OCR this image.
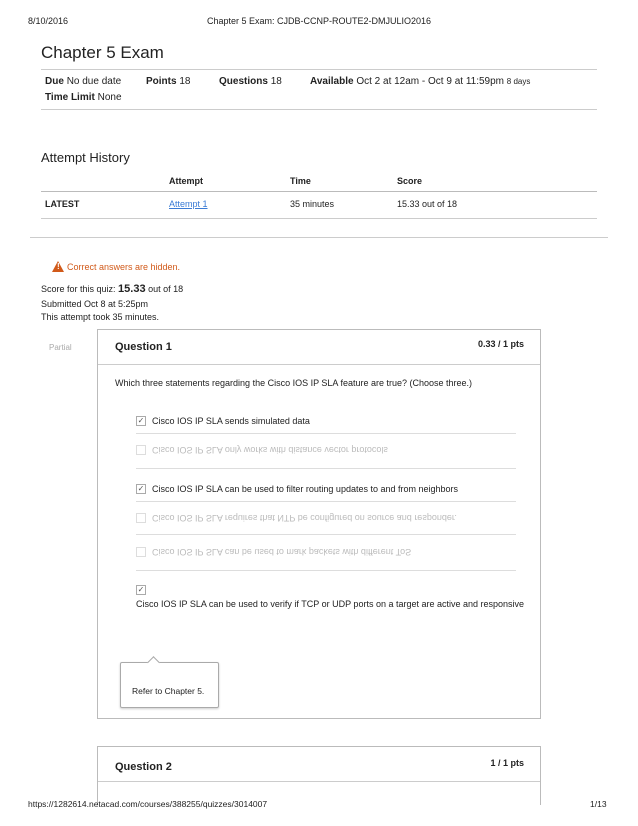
8/10/2016	Chapter 5 Exam: CJDB-CCNP-ROUTE2-DMJULIO2016
Chapter 5 Exam
Due No due date Points 18	Questions 18	Available Oct 2 at 12am - Oct 9 at 11:59pm 8 days
Time Limit None
Attempt History
	Attempt	Time	Score
LATEST	Attempt 1	35 minutes	15.33 out of 18
! Correct answers are hidden.
Score for this quiz: 15.33 out of 18
Submitted Oct 8 at 5:25pm
This attempt took 35 minutes.
Partial	Question 1	0.33 / 1 pts
Which three statements regarding the Cisco IOS IP SLA feature are true? (Choose three.)
✓ Cisco IOS IP SLA sends simulated data
Cisco IOS IP SLA only works with distance vector protocols
✓ Cisco IOS IP SLA can be used to filter routing updates to and from neighbors
Cisco IOS IP SLA requires that NTP be configured on source and responder.
Cisco IOS IP SLA can be used to mark packets with different ToS
✓
Cisco IOS IP SLA can be used to verify if TCP or UDP ports on a target are active and responsive
Refer to Chapter 5.
Question 2	1 / 1 pts
https://1282614.netacad.com/courses/388255/quizzes/3014007	1/13
